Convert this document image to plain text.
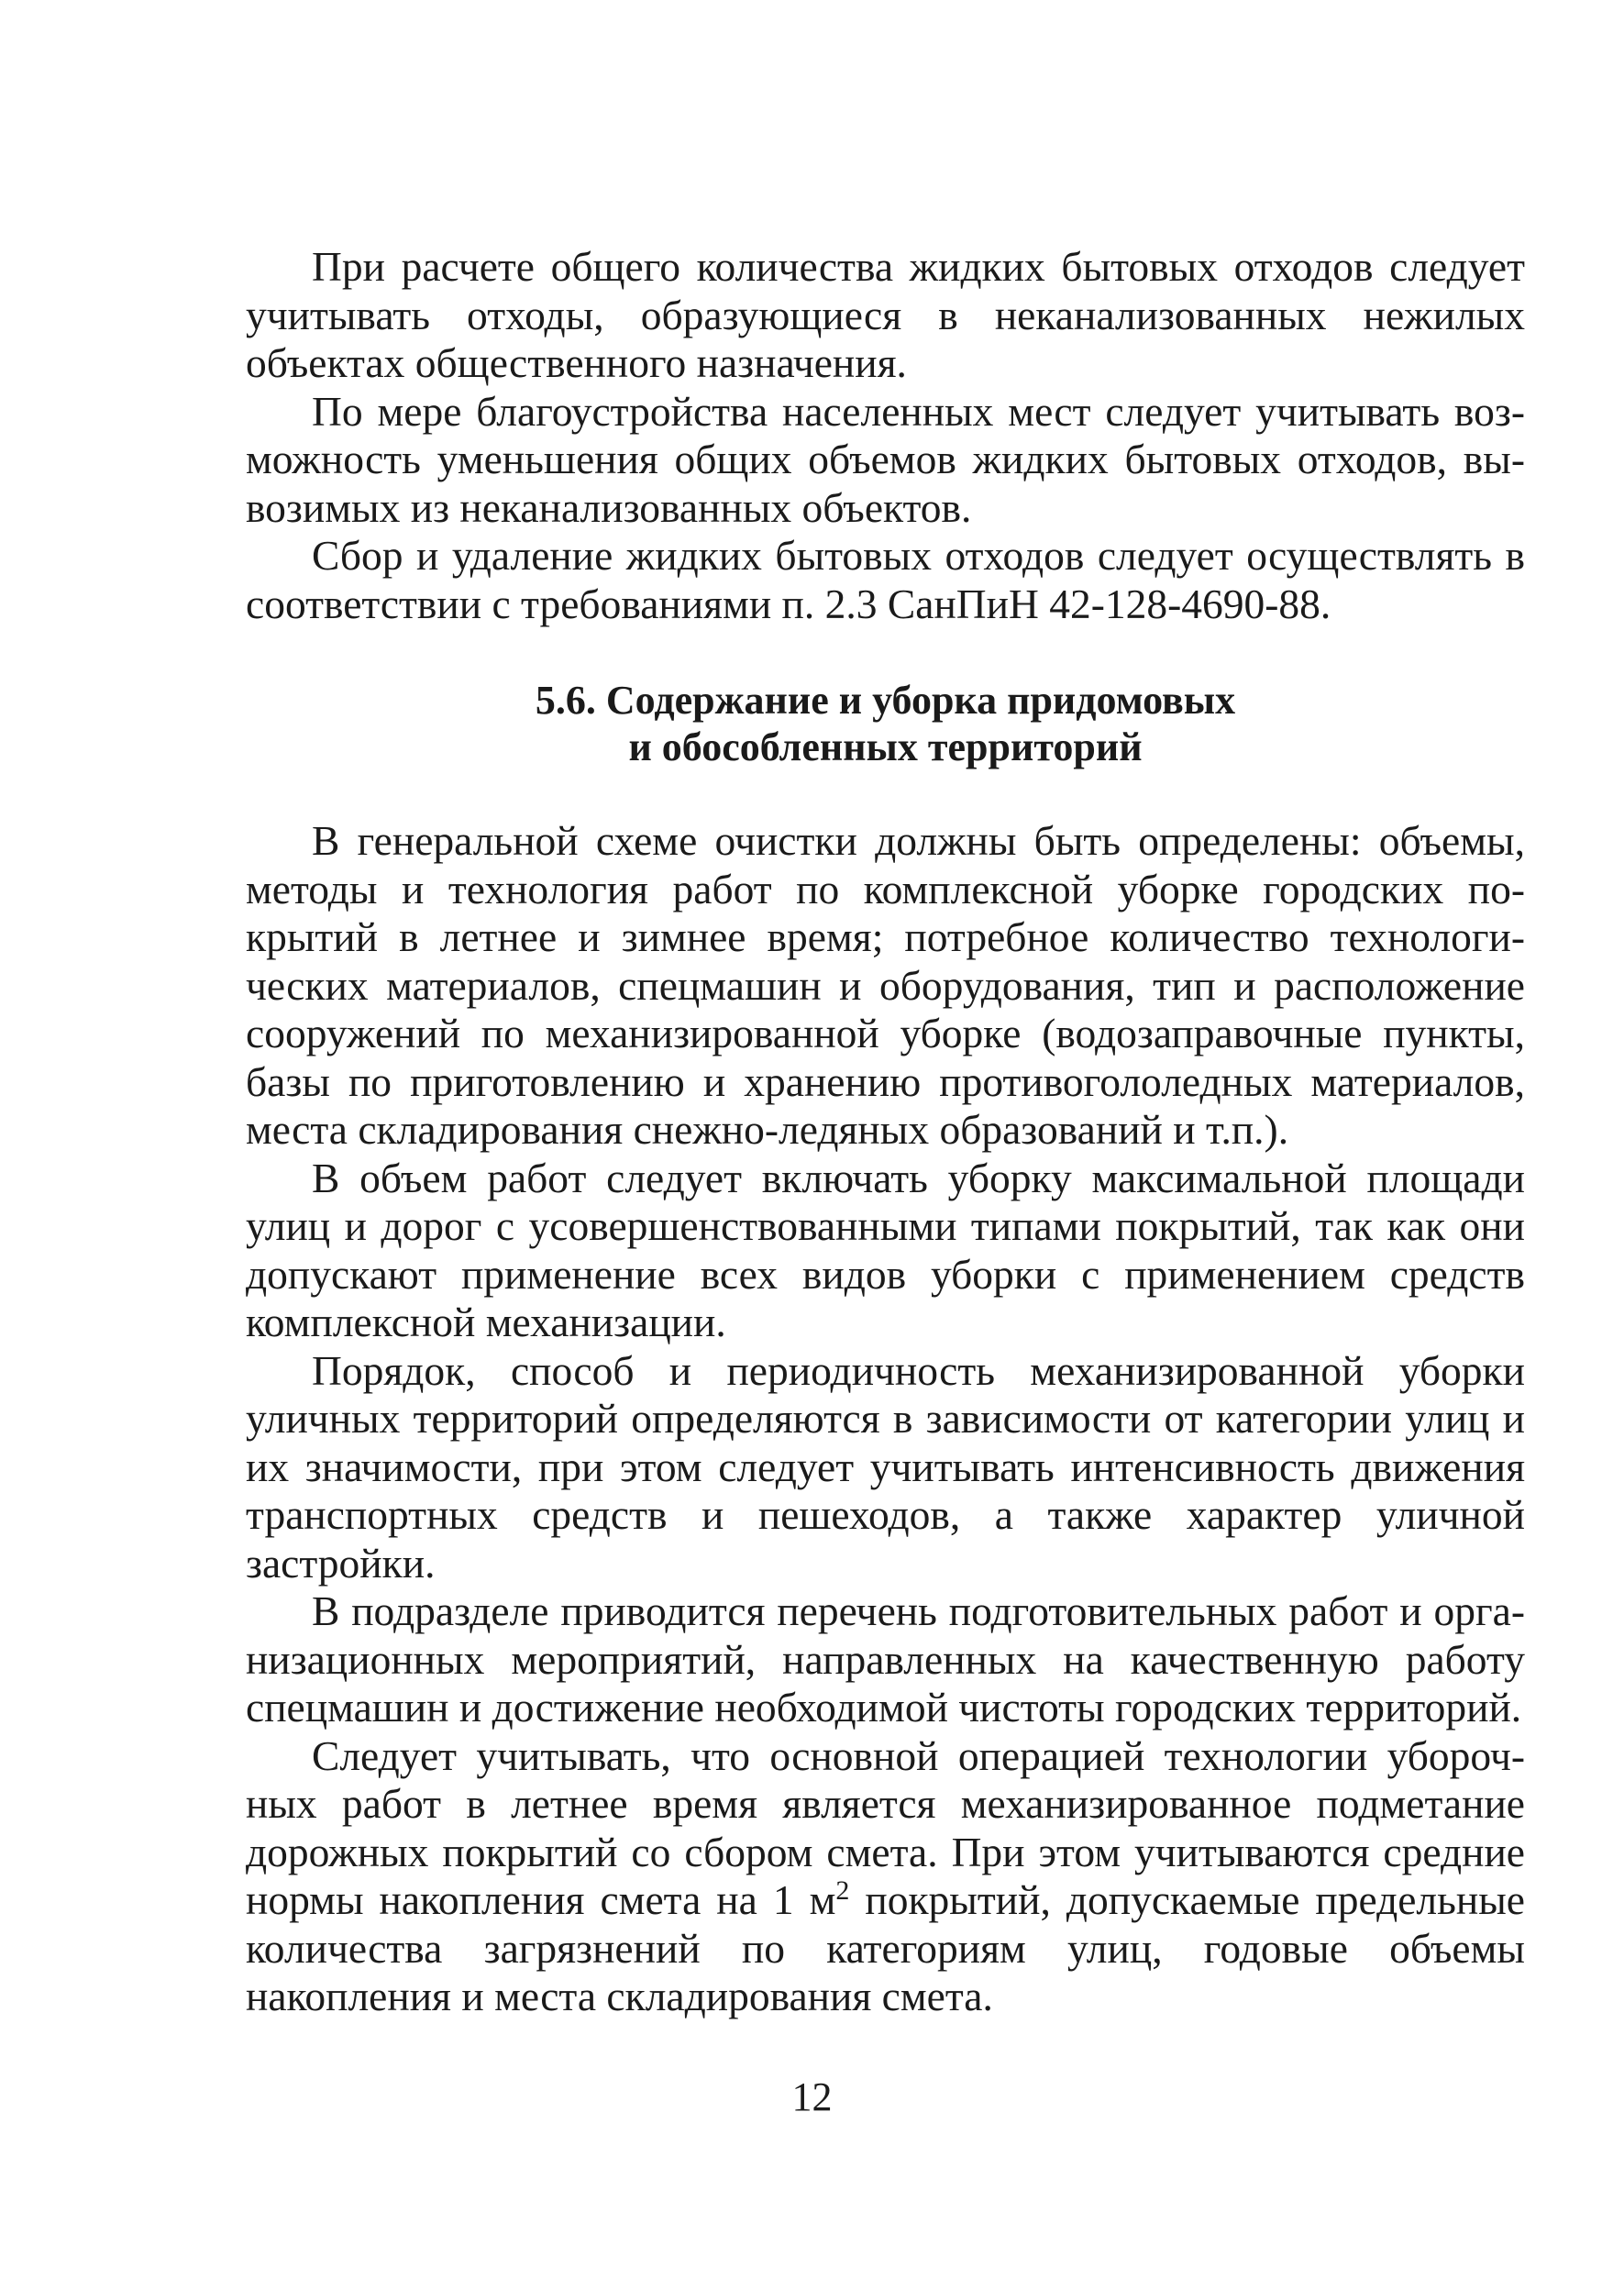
При расчете общего количества жидких бытовых отходов следует учитывать отходы, образующиеся в неканализованных нежилых объектах общественного назначения.

По мере благоустройства населенных мест следует учитывать возможность уменьшения общих объемов жидких бытовых отходов, вывозимых из неканализованных объектов.

Сбор и удаление жидких бытовых отходов следует осуществлять в соответствии с требованиями п. 2.3 СанПиН 42-128-4690-88.

5.6. Содержание и уборка придомовых
и обособленных территорий

В генеральной схеме очистки должны быть определены: объемы, методы и технология работ по комплексной уборке городских покрытий в летнее и зимнее время; потребное количество технологических материалов, спецмашин и оборудования, тип и расположение сооружений по механизированной уборке (водозаправочные пункты, базы по приготовлению и хранению противогололедных материалов, места складирования снежно-ледяных образований и т.п.).

В объем работ следует включать уборку максимальной площади улиц и дорог с усовершенствованными типами покрытий, так как они допускают применение всех видов уборки с применением средств комплексной механизации.

Порядок, способ и периодичность механизированной уборки уличных территорий определяются в зависимости от категории улиц и их значимости, при этом следует учитывать интенсивность движения транспортных средств и пешеходов, а также характер уличной застройки.

В подразделе приводится перечень подготовительных работ и организационных мероприятий, направленных на качественную работу спецмашин и достижение необходимой чистоты городских территорий.

Следует учитывать, что основной операцией технологии уборочных работ в летнее время является механизированное подметание дорожных покрытий со сбором смета. При этом учитываются средние нормы накопления смета на 1 $м^2$ покрытий, допускаемые предельные количества загрязнений по категориям улиц, годовые объемы накопления и места складирования смета.

12
